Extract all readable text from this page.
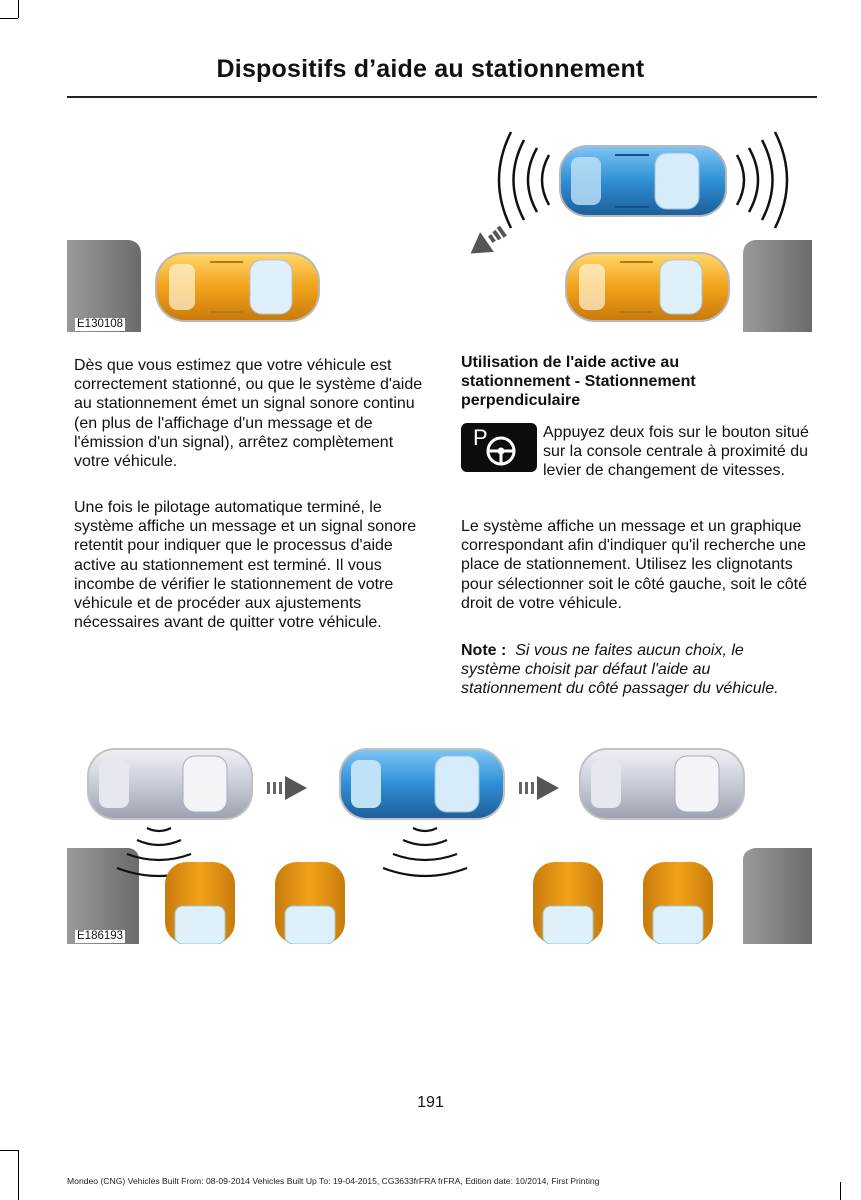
Dispositifs d’aide au stationnement
E130108

Dès que vous estimez que votre véhicule est correctement stationné, ou que le système d'aide au stationnement émet un signal sonore continu (en plus de l'affichage d'un message et de l'émission d'un signal), arrêtez complètement votre véhicule.

Une fois le pilotage automatique terminé, le système affiche un message et un signal sonore retentit pour indiquer que le processus d'aide active au stationnement est terminé. Il vous incombe de vérifier le stationnement de votre véhicule et de procéder aux ajustements nécessaires avant de quitter votre véhicule.

Utilisation de l'aide active au stationnement - Stationnement perpendiculaire

P	Appuyez deux fois sur le bouton situé sur la console centrale à proximité du levier de changement de vitesses.

Le système affiche un message et un graphique correspondant afin d'indiquer qu'il recherche une place de stationnement. Utilisez les clignotants pour sélectionner soit le côté gauche, soit le côté droit de votre véhicule.

Note : Si vous ne faites aucun choix, le système choisit par défaut l'aide au stationnement du côté passager du véhicule.

E186193
191
Mondeo (CNG) Vehicles Built From: 08-09-2014 Vehicles Built Up To: 19-04-2015, CG3633frFRA frFRA, Edition date: 10/2014, First Printing
